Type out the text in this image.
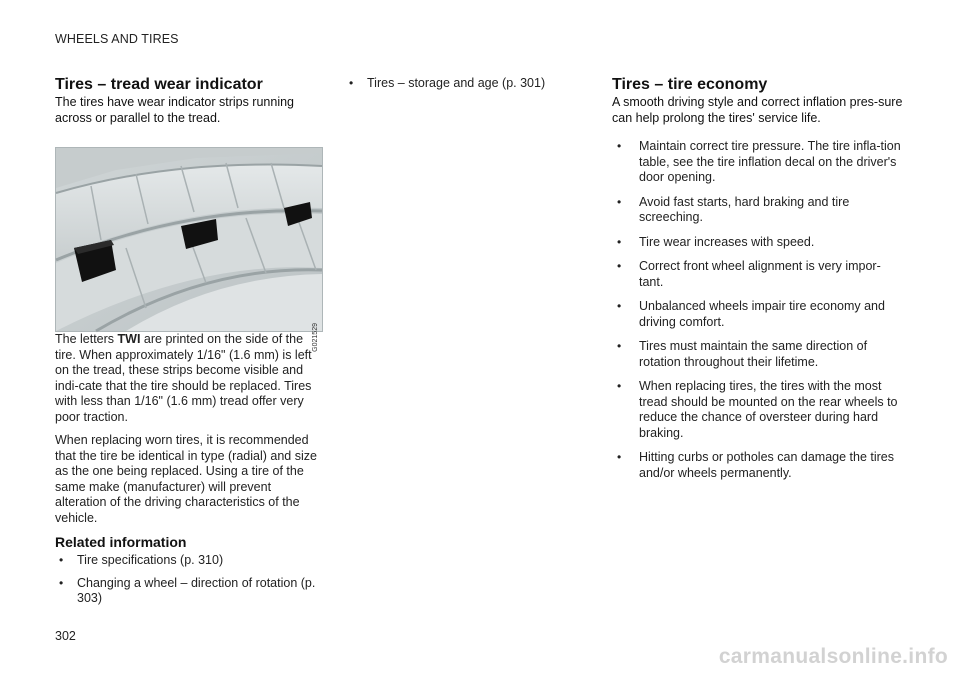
WHEELS AND TIRES
Tires – tread wear indicator

The tires have wear indicator strips running across or parallel to the tread.

G021529

The letters TWI are printed on the side of the tire. When approximately 1/16" (1.6 mm) is left on the tread, these strips become visible and indi-cate that the tire should be replaced. Tires with less than 1/16" (1.6 mm) tread offer very poor traction.

When replacing worn tires, it is recommended that the tire be identical in type (radial) and size as the one being replaced. Using a tire of the same make (manufacturer) will prevent alteration of the driving characteristics of the vehicle.

Related information
• Tire specifications (p. 310)
• Changing a wheel – direction of rotation (p. 303)
• Tires – storage and age (p. 301)	Tires – tire economy

A smooth driving style and correct inflation pres-sure can help prolong the tires' service life.

• Maintain correct tire pressure. The tire infla-tion table, see the tire inflation decal on the driver's door opening.
• Avoid fast starts, hard braking and tire screeching.
• Tire wear increases with speed.
• Correct front wheel alignment is very impor-tant.
• Unbalanced wheels impair tire economy and driving comfort.
• Tires must maintain the same direction of rotation throughout their lifetime.
• When replacing tires, the tires with the most tread should be mounted on the rear wheels to reduce the chance of oversteer during hard braking.
• Hitting curbs or potholes can damage the tires and/or wheels permanently.
302
carmanualsonline.info
